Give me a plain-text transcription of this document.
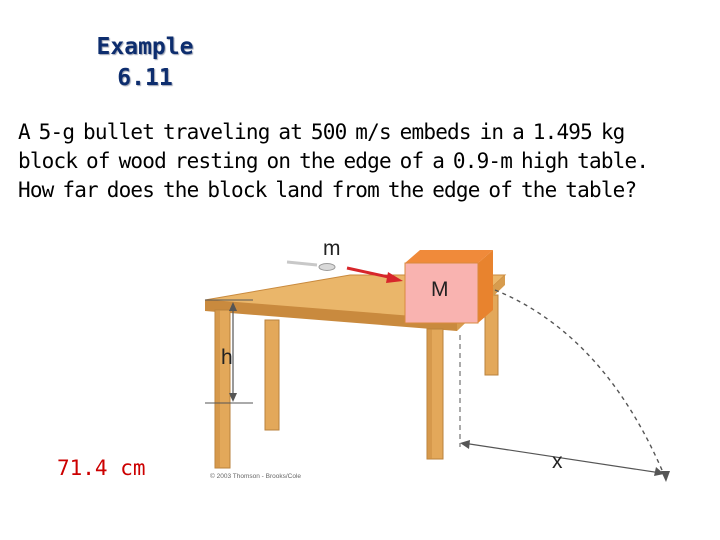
Example
6.11
A 5-g bullet traveling at 500 m/s embeds in a 1.495 kg block of wood resting on the edge of a 0.9-m high table. How far does the block land from the edge of the table?
71.4 cm
M
m
h
x
© 2003 Thomson - Brooks/Cole
